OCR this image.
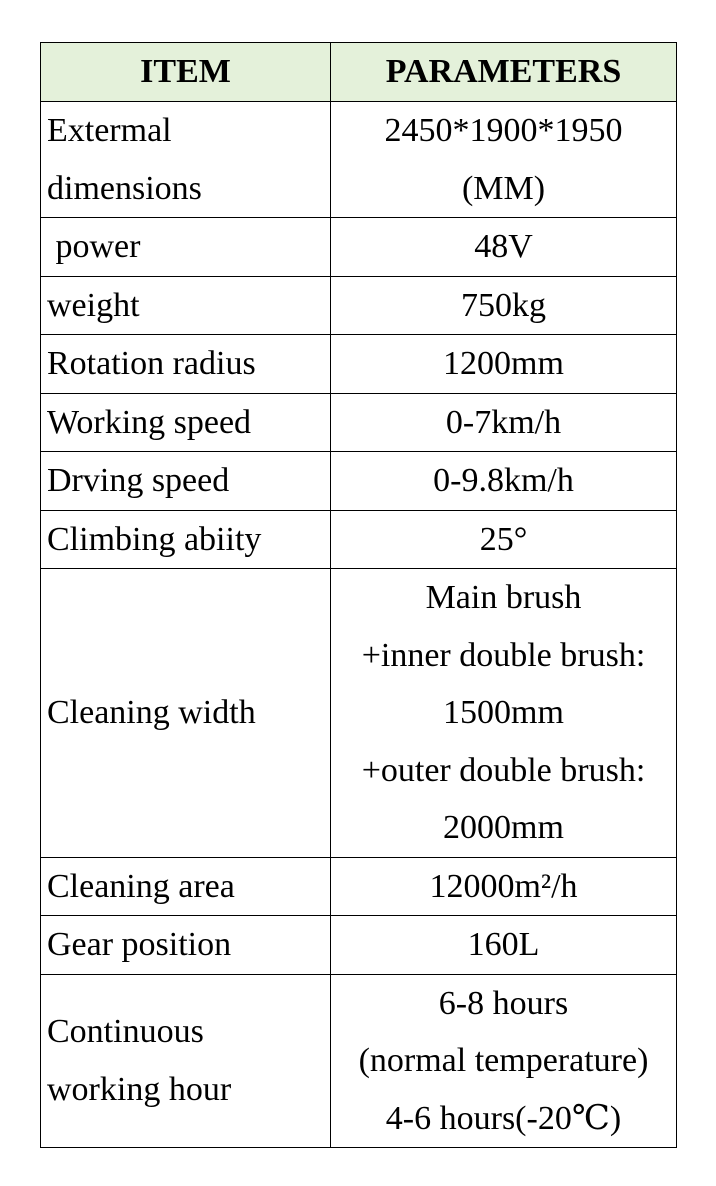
ITEM	PARAMETERS

Extermal
dimensions	2450*1900*1950
(MM)

power	48V

weight	750kg

Rotation radius	1200mm

Working speed	0-7km/h

Drving speed	0-9.8km/h

Climbing abiity	25°

Cleaning width	Main brush
+inner double brush:
1500mm
+outer double brush:
2000mm

Cleaning area	12000m²/h

Gear position	160L

Continuous
working hour	6-8 hours
(normal temperature)
4-6 hours(-20℃)
